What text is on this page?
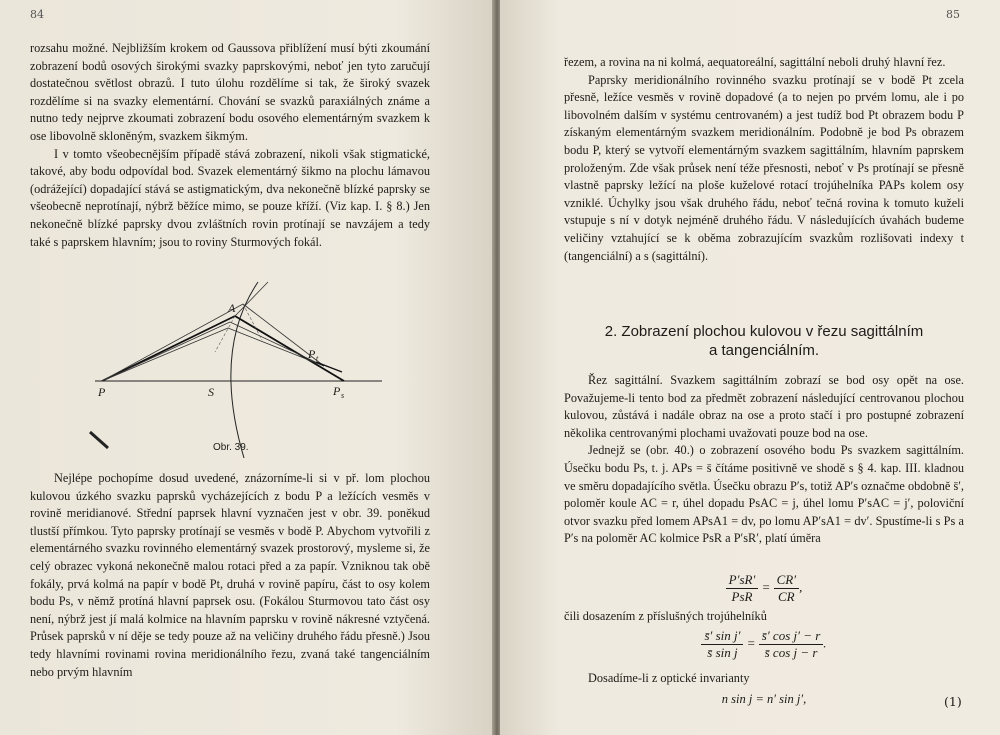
84

rozsahu možné. Nejbližším krokem od Gaussova přiblížení musí býti zkoumání zobrazení bodů osových širokými svazky paprskovými, neboť jen tyto zaručují dostatečnou světlost obrazů. I tuto úlohu rozdělíme si tak, že široký svazek rozdělíme si na svazky elementární. Chování se svazků paraxiálných známe a nutno tedy nejprve zkoumati zobrazení bodu osového elementárným svazkem k ose libovolně skloněným, svazkem šikmým.

I v tomto všeobecnějším případě stává zobrazení, nikoli však stigmatické, takové, aby bodu odpovídal bod. Svazek elementárný šikmo na plochu lámavou (odrážející) dopadající stává se astigmatickým, dva nekonečně blízké paprsky se všeobecně neprotínají, nýbrž běžíce mimo, se pouze kříží. (Viz kap. I. § 8.) Jen nekonečně blízké paprsky dvou zvláštních rovin protínají se navzájem a tedy také s paprskem hlavním; jsou to roviny Sturmových fokál.

A
P	S
P t
P s
Obr. 39.

Nejlépe pochopíme dosud uvedené, znázorníme-li si v př. lom plochou kulovou úzkého svazku paprsků vycházejících z bodu P a ležících vesměs v rovině meridianové. Střední paprsek hlavní vyznačen jest v obr. 39. poněkud tlustší přímkou. Tyto paprsky protínají se vesměs v bodě P. Abychom vytvořili z elementárného svazku rovinného elementárný svazek prostorový, mysleme si, že celý obrazec vykoná nekonečně malou rotaci před a za papír. Vzniknou tak obě fokály, prvá kolmá na papír v bodě Pt, druhá v rovině papíru, část to osy kolem bodu Ps, v němž protíná hlavní paprsek osu. (Fokálou Sturmovou tato část osy není, nýbrž jest jí malá kolmice na hlavním paprsku v rovině nákresné vztyčená. Průsek paprsků v ní děje se tedy pouze až na veličiny druhého řádu přesně.) Jsou tedy hlavními rovinami rovina meridionálního řezu, zvaná také tangenciálním nebo prvým hlavním

85

řezem, a rovina na ni kolmá, aequatoreální, sagittální neboli druhý hlavní řez.

Paprsky meridionálního rovinného svazku protínají se v bodě Pt zcela přesně, ležíce vesměs v rovině dopadové (a to nejen po prvém lomu, ale i po libovolném dalším v systému centrovaném) a jest tudíž bod Pt obrazem bodu P získaným elementárným svazkem meridionálním. Podobně je bod Ps obrazem bodu P, který se vytvoří elementárným svazkem sagittálním, hlavním paprskem proloženým. Zde však průsek není téže přesnosti, neboť v Ps protínají se přesně vlastně paprsky ležící na ploše kuželové rotací trojúhelníka PAPs kolem osy vzniklé. Úchylky jsou však druhého řádu, neboť tečná rovina k tomuto kuželi vstupuje s ní v dotyk nejméně druhého řádu. V následujících úvahách budeme veličiny vztahující se k oběma zobrazujícím svazkům rozlišovati indexy t (tangenciální) a s (sagittální).

2. Zobrazení plochou kulovou v řezu sagittálním
a tangenciálním.

Řez sagittální. Svazkem sagittálním zobrazí se bod osy opět na ose. Považujeme-li tento bod za předmět zobrazení následující centrovanou plochou kulovou, zůstává i nadále obraz na ose a proto stačí i pro postupné zobrazení několika centrovanými plochami uvažovati pouze bod na ose.

Jednejž se (obr. 40.) o zobrazení osového bodu Ps svazkem sagittálním. Úsečku bodu Ps, t. j. APs = s̄ čítáme positivně ve shodě s § 4. kap. III. kladnou ve směru dopadajícího světla. Úsečku obrazu P′s, totiž AP′s označme obdobně s̄′, poloměr koule AC = r, úhel dopadu PsAC = j, úhel lomu P′sAC = j′, poloviční otvor svazku před lomem APsA1 = dv, po lomu AP′sA1 = dv′. Spustíme-li s Ps a P′s na poloměr AC kolmice PsR a P′sR′, platí úměra

$\frac{P'sR'}{\text{PsR}} = \frac{CR'}{CR}$ ,

čili dosazením z příslušných trojúhelníků

$\frac{\text{s̄′ sin j′}}{\text{s̄ sin j}} = \frac{\text{s̄′ cos j′ − r}}{\text{s̄ cos j − r}}$ .

Dosadíme-li z optické invarianty

n sin j = n′ sin j′,	(1)
